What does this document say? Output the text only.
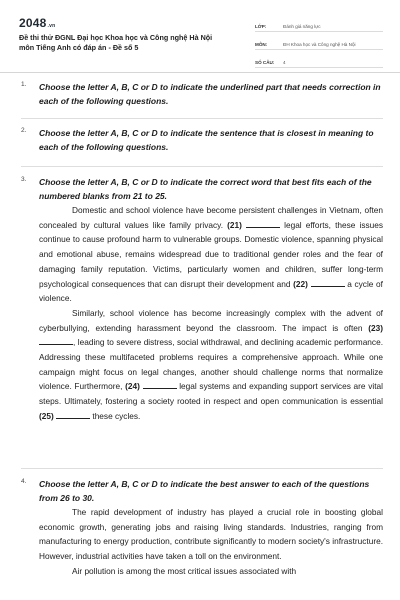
2048.vn
Đề thi thử ĐGNL Đại học Khoa học và Công nghệ Hà Nội
môn Tiếng Anh có đáp án - Đề số 5
LỚP:	Đánh giá năng lực
MÔN:	ĐH Khoa học và Công nghệ Hà Nội
SỐ CÂU:	4
1. Choose the letter A, B, C or D to indicate the underlined part that needs correction in each of the following questions.
2. Choose the letter A, B, C or D to indicate the sentence that is closest in meaning to each of the following questions.
3. Choose the letter A, B, C or D to indicate the correct word that best fits each of the numbered blanks from 21 to 25.
Domestic and school violence have become persistent challenges in Vietnam, often concealed by cultural values like family privacy. (21)	legal efforts, these issues continue to cause profound harm to vulnerable groups. Domestic violence, spanning physical and emotional abuse, remains widespread due to traditional gender roles and the fear of damaging family reputation. Victims, particularly women and children, suffer long-term psychological consequences that can disrupt their development and (22)	a cycle of violence.
Similarly, school violence has become increasingly complex with the advent of cyberbullying, extending harassment beyond the classroom. The impact is often (23) , leading to severe distress, social withdrawal, and declining academic performance. Addressing these multifaceted problems requires a comprehensive approach. While one campaign might focus on legal changes, another should challenge norms that normalize violence. Furthermore, (24)	legal systems and expanding support services are vital steps. Ultimately, fostering a society rooted in respect and open communication is essential (25)	these cycles.
4. Choose the letter A, B, C or D to indicate the best answer to each of the questions from 26 to 30.
The rapid development of industry has played a crucial role in boosting global economic growth, generating jobs and raising living standards. Industries, ranging from manufacturing to energy production, contribute significantly to modern society's infrastructure. However, industrial activities have taken a toll on the environment.
Air pollution is among the most critical issues associated with
